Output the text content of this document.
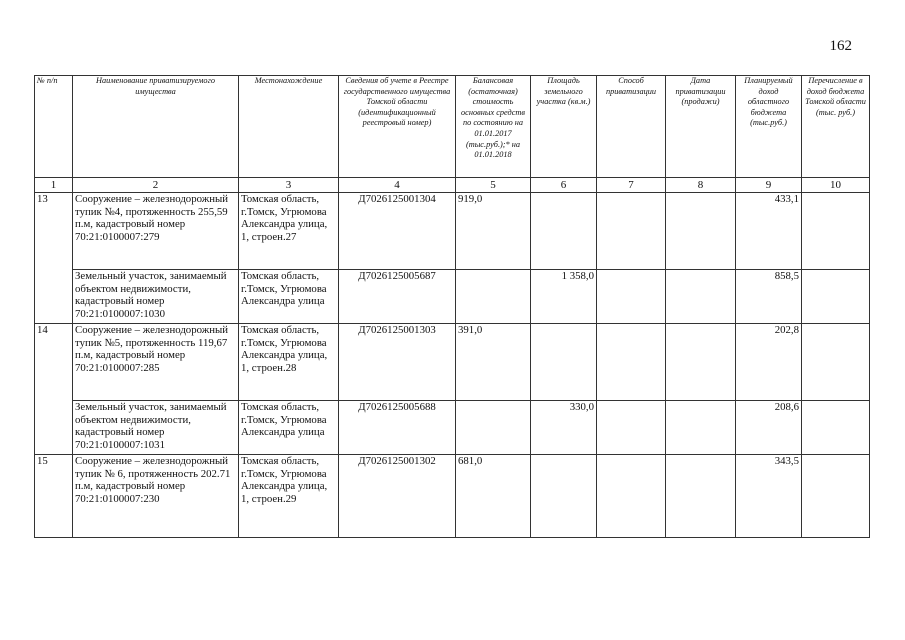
162
№ п/п	Наименование приватизируемого имущества	Местонахождение	Сведения об учете в Реестре государственного имущества Томской области (идентификационный реестровый номер)	Балансовая (остаточная) стоимость основных средств по состоянию на 01.01.2017 (тыс.руб.);* на 01.01.2018	Площадь земельного участка (кв.м.)	Способ приватизации	Дата приватизации (продажи)	Планируемый доход областного бюджета (тыс.руб.)	Перечисление в доход бюджета Томской области (тыс. руб.)
1	2	3	4	5	6	7	8	9	10
13	Сооружение – железнодорожный тупик №4, протяженность 255,59 п.м, кадастровый номер 70:21:0100007:279	Томская область, г.Томск, Угрюмова Александра улица, 1, строен.27	Д7026125001304	919,0				433,1	
	Земельный участок, занимаемый объектом недвижимости, кадастровый номер 70:21:0100007:1030	Томская область, г.Томск, Угрюмова Александра улица	Д7026125005687		1 358,0			858,5	
14	Сооружение – железнодорожный тупик №5, протяженность 119,67 п.м, кадастровый номер 70:21:0100007:285	Томская область, г.Томск, Угрюмова Александра улица, 1, строен.28	Д7026125001303	391,0				202,8	
	Земельный участок, занимаемый объектом недвижимости, кадастровый номер 70:21:0100007:1031	Томская область, г.Томск, Угрюмова Александра улица	Д7026125005688		330,0			208,6	
15	Сооружение – железнодорожный тупик № 6, протяженность 202.71 п.м, кадастровый номер 70:21:0100007:230	Томская область, г.Томск, Угрюмова Александра улица, 1, строен.29	Д7026125001302	681,0				343,5	
